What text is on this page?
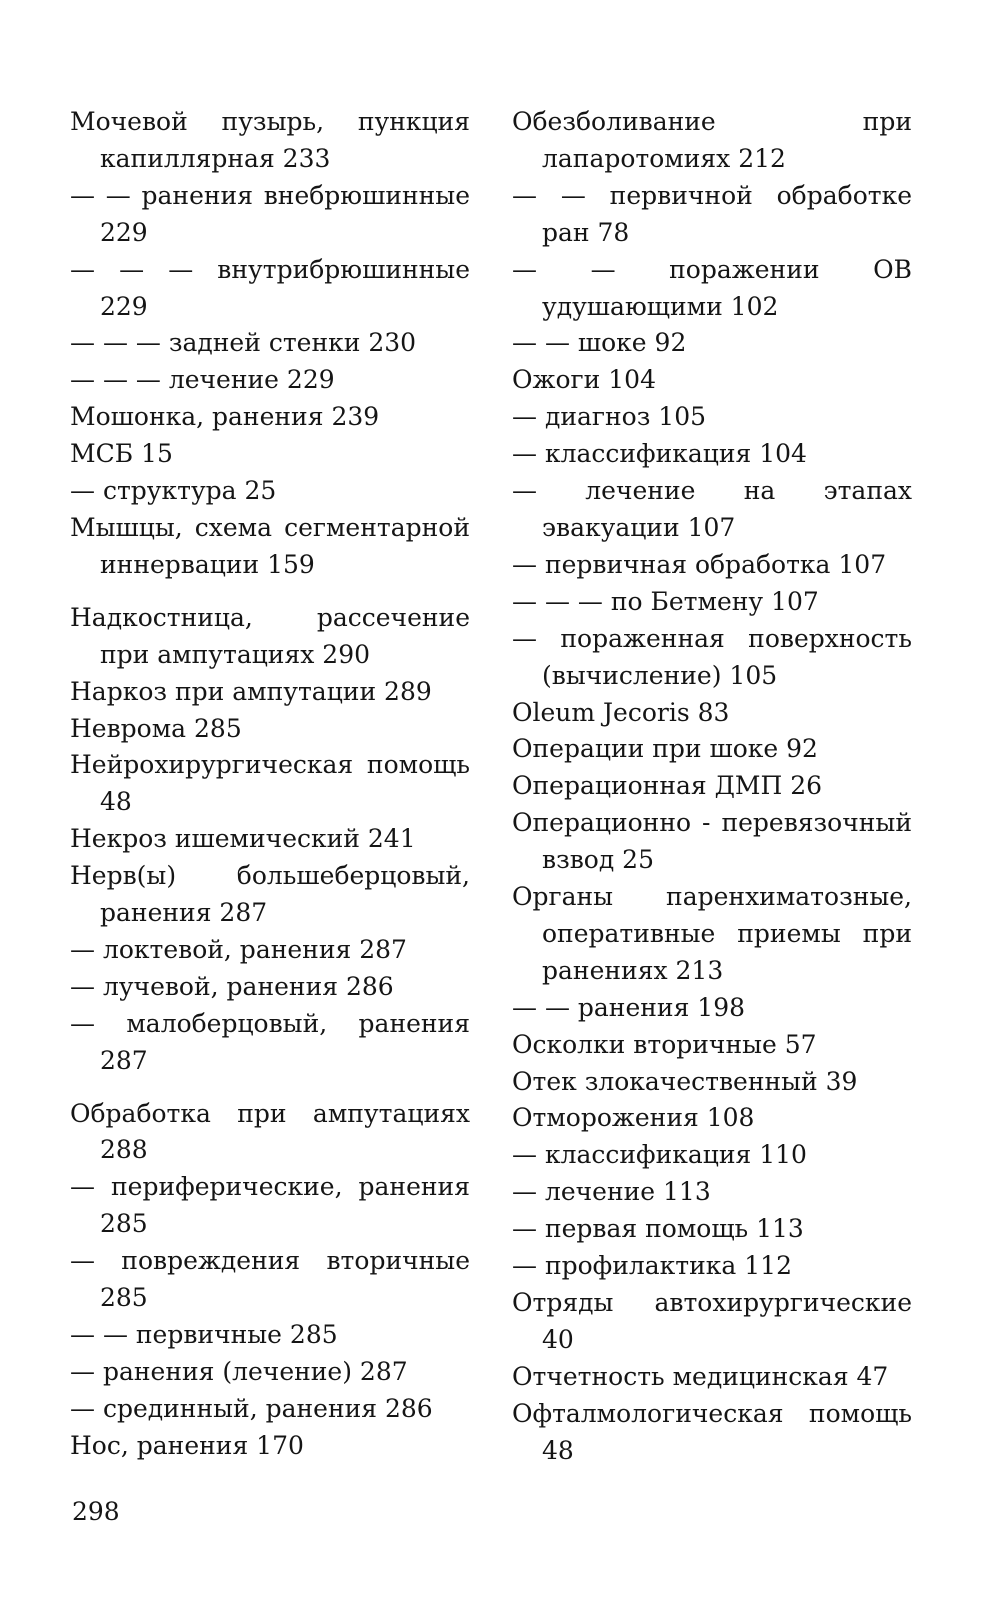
Мочевой пузырь, пункция капиллярная 233

— — ранения внебрюшинные 229

— — — внутрибрюшинные 229

— — — задней стенки 230

— — — лечение 229

Мошонка, ранения 239

МСБ 15

— структура 25

Мышцы, схема сегментарной иннервации 159

Надкостница, рассечение при ампутациях 290

Наркоз при ампутации 289

Неврома 285

Нейрохирургическая помощь 48

Некроз ишемический 241

Нерв(ы) большеберцовый, ранения 287

— локтевой, ранения 287

— лучевой, ранения 286

— малоберцовый, ранения 287

Обработка при ампутациях 288

— периферические, ранения 285

— повреждения вторичные 285

— — первичные 285

— ранения (лечение) 287

— срединный, ранения 286

Нос, ранения 170

Обезболивание при лапаротомиях 212

— — первичной обработке ран 78

— — поражении ОВ удушающими 102

— — шоке 92

Ожоги 104

— диагноз 105

— классификация 104

— лечение на этапах эвакуации 107

— первичная обработка 107

— — — по Бетмену 107

— пораженная поверхность (вычисление) 105

Oleum Jecoris 83

Операции при шоке 92

Операционная ДМП 26

Операционно - перевязочный взвод 25

Органы паренхиматозные, оперативные приемы при ранениях 213

— — ранения 198

Осколки вторичные 57

Отек злокачественный 39

Отморожения 108

— классификация 110

— лечение 113

— первая помощь 113

— профилактика 112

Отряды автохирургические 40

Отчетность медицинская 47

Офталмологическая помощь 48

298
